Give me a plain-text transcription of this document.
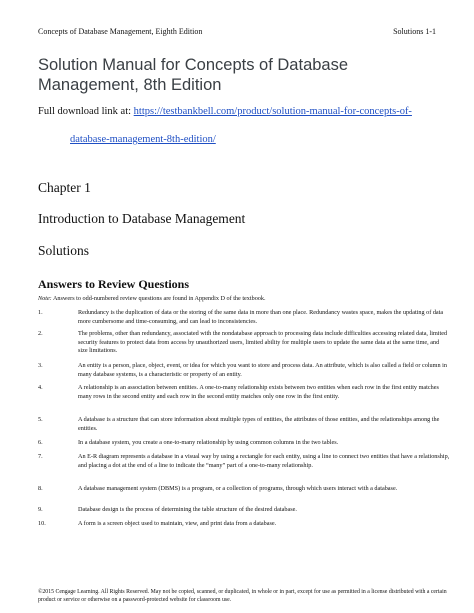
Concepts of Database Management, Eighth Edition	Solutions 1-1
Solution Manual for Concepts of Database Management, 8th Edition
Full download link at: https://testbankbell.com/product/solution-manual-for-concepts-of-
database-management-8th-edition/
Chapter 1
Introduction to Database Management
Solutions
Answers to Review Questions
Note: Answers to odd-numbered review questions are found in Appendix D of the textbook.
1.	Redundancy is the duplication of data or the storing of the same data in more than one place. Redundancy wastes space, makes the updating of data more cumbersome and time-consuming, and can lead to inconsistencies.
2.	The problems, other than redundancy, associated with the nondatabase approach to processing data include difficulties accessing related data, limited security features to protect data from access by unauthorized users, limited ability for multiple users to update the same data at the same time, and size limitations.
3.	An entity is a person, place, object, event, or idea for which you want to store and process data. An attribute, which is also called a field or column in many database systems, is a characteristic or property of an entity.
4.	A relationship is an association between entities. A one-to-many relationship exists between two entities when each row in the first entity matches many rows in the second entity and each row in the second entity matches only one row in the first entity.
5.	A database is a structure that can store information about multiple types of entities, the attributes of those entities, and the relationships among the entities.
6.	In a database system, you create a one-to-many relationship by using common columns in the two tables.
7.	An E-R diagram represents a database in a visual way by using a rectangle for each entity, using a line to connect two entities that have a relationship, and placing a dot at the end of a line to indicate the “many” part of a one-to-many relationship.
8.	A database management system (DBMS) is a program, or a collection of programs, through which users interact with a database.
9.	Database design is the process of determining the table structure of the desired database.
10.	A form is a screen object used to maintain, view, and print data from a database.
©2015 Cengage Learning. All Rights Reserved. May not be copied, scanned, or duplicated, in whole or in part, except for use as permitted in a license distributed with a certain product or service or otherwise on a password-protected website for classroom use.
